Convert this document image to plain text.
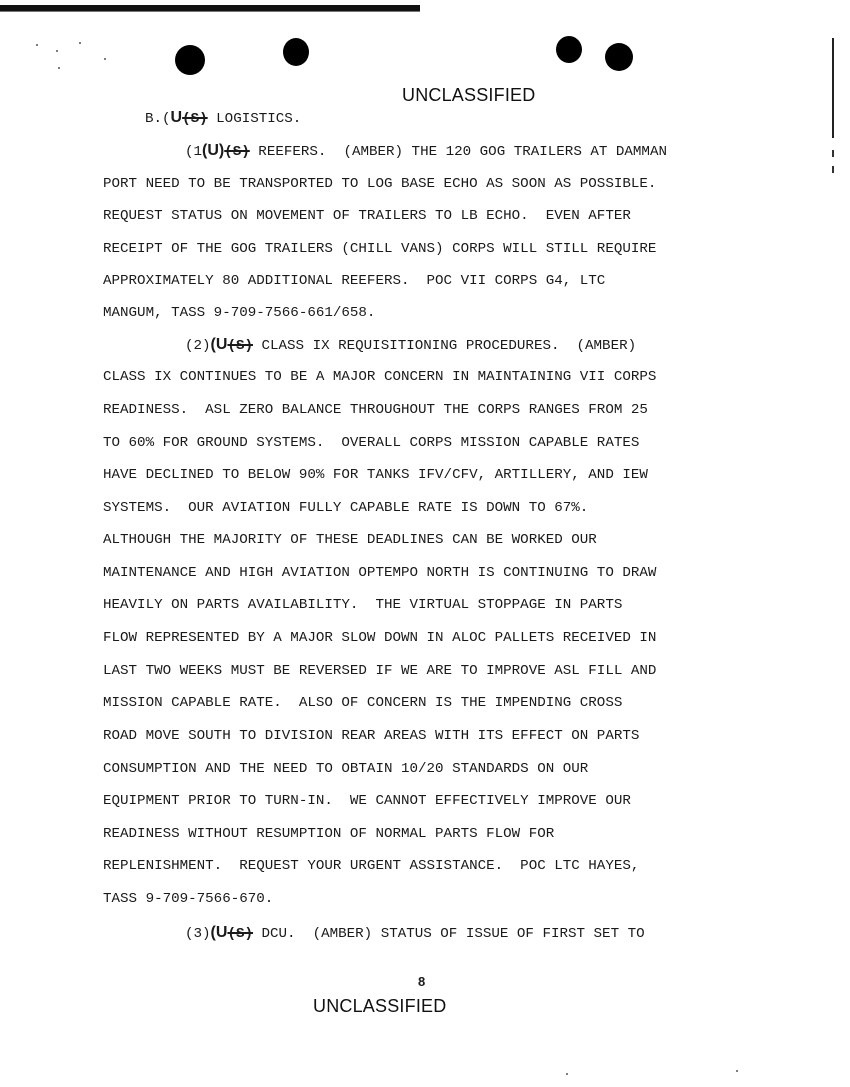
UNCLASSIFIED
B.(U(S) LOGISTICS.
(1(U)(S) REEFERS.  (AMBER) THE 120 GOG TRAILERS AT DAMMAN
PORT NEED TO BE TRANSPORTED TO LOG BASE ECHO AS SOON AS POSSIBLE.
REQUEST STATUS ON MOVEMENT OF TRAILERS TO LB ECHO.  EVEN AFTER
RECEIPT OF THE GOG TRAILERS (CHILL VANS) CORPS WILL STILL REQUIRE
APPROXIMATELY 80 ADDITIONAL REEFERS.  POC VII CORPS G4, LTC
MANGUM, TASS 9-709-7566-661/658.
(2)(U(S) CLASS IX REQUISITIONING PROCEDURES.  (AMBER)
CLASS IX CONTINUES TO BE A MAJOR CONCERN IN MAINTAINING VII CORPS
READINESS.  ASL ZERO BALANCE THROUGHOUT THE CORPS RANGES FROM 25
TO 60% FOR GROUND SYSTEMS.  OVERALL CORPS MISSION CAPABLE RATES
HAVE DECLINED TO BELOW 90% FOR TANKS IFV/CFV, ARTILLERY, AND IEW
SYSTEMS.  OUR AVIATION FULLY CAPABLE RATE IS DOWN TO 67%.
ALTHOUGH THE MAJORITY OF THESE DEADLINES CAN BE WORKED OUR
MAINTENANCE AND HIGH AVIATION OPTEMPO NORTH IS CONTINUING TO DRAW
HEAVILY ON PARTS AVAILABILITY.  THE VIRTUAL STOPPAGE IN PARTS
FLOW REPRESENTED BY A MAJOR SLOW DOWN IN ALOC PALLETS RECEIVED IN
LAST TWO WEEKS MUST BE REVERSED IF WE ARE TO IMPROVE ASL FILL AND
MISSION CAPABLE RATE.  ALSO OF CONCERN IS THE IMPENDING CROSS
ROAD MOVE SOUTH TO DIVISION REAR AREAS WITH ITS EFFECT ON PARTS
CONSUMPTION AND THE NEED TO OBTAIN 10/20 STANDARDS ON OUR
EQUIPMENT PRIOR TO TURN-IN.  WE CANNOT EFFECTIVELY IMPROVE OUR
READINESS WITHOUT RESUMPTION OF NORMAL PARTS FLOW FOR
REPLENISHMENT.  REQUEST YOUR URGENT ASSISTANCE.  POC LTC HAYES,
TASS 9-709-7566-670.
(3)(U(S) DCU.  (AMBER) STATUS OF ISSUE OF FIRST SET TO
8
UNCLASSIFIED
